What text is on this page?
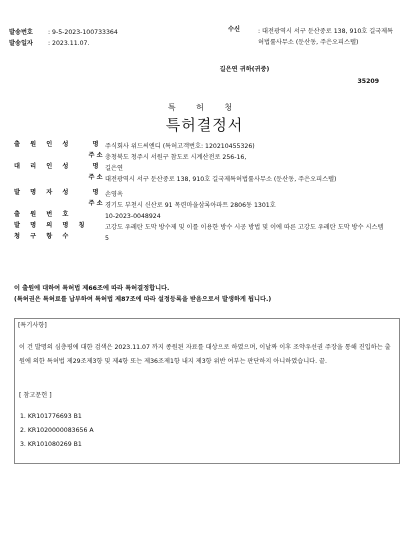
발송번호	: 9-5-2023-100733364
발송일자	: 2023.11.07.
수신	: 대전광역시 서구 둔산중로 138, 910호 길국제특허법률사무소 (둔산동, 주은오피스텔)
길은연 귀하(귀중)
35209
특 허 청
특허결정서
출 원 인 성	명	주식회사 위드씨엔디 (특허고객번호: 120210455326)
주 소 충청북도 청주시 서원구 참도로 시계산전로 256-16,
대 리 인 성	명	길은연
주 소 대전광역시 서구 둔산중로 138, 910호 길국제특허법률사무소 (둔산동, 주은오피스텔)
발 명 자 성	명	손영옥
주 소 경기도 부천시 신산로 91 목련마을삼록아파트 2806동 1301호
출 원 번 호	10-2023-0048924
발 명 의 명 칭	고강도 우레탄 도막 방수제 및 이를 이용한 방수 시공 방법 및 이에 따른 고강도 우레탄 도막 방수 시스템
청 구 항 수	5
이 출원에 대하여 특허법 제66조에 따라 특허결정합니다.
(특허권은 특허료를 납부하여 특허법 제87조에 따라 설정등록을 받음으로서 발생하게 됩니다.)
[특기사항]
이 건 발명의 심층평에 대한 검색은 2023.11.07 까지 종원된 자료를 대상으로 하였으며, 이날짜 이후 조약우선권 주장을 통해 진입하는 출원에 의한 특허법 제29조제3항 및 제4항 또는 제36조제1항 내지 제3항 위반 여부는 판단하지 아니하였습니다. 끝.
[ 참고문헌 ]
1. KR101776693 B1
2. KR1020000083656 A
3. KR101080269 B1
